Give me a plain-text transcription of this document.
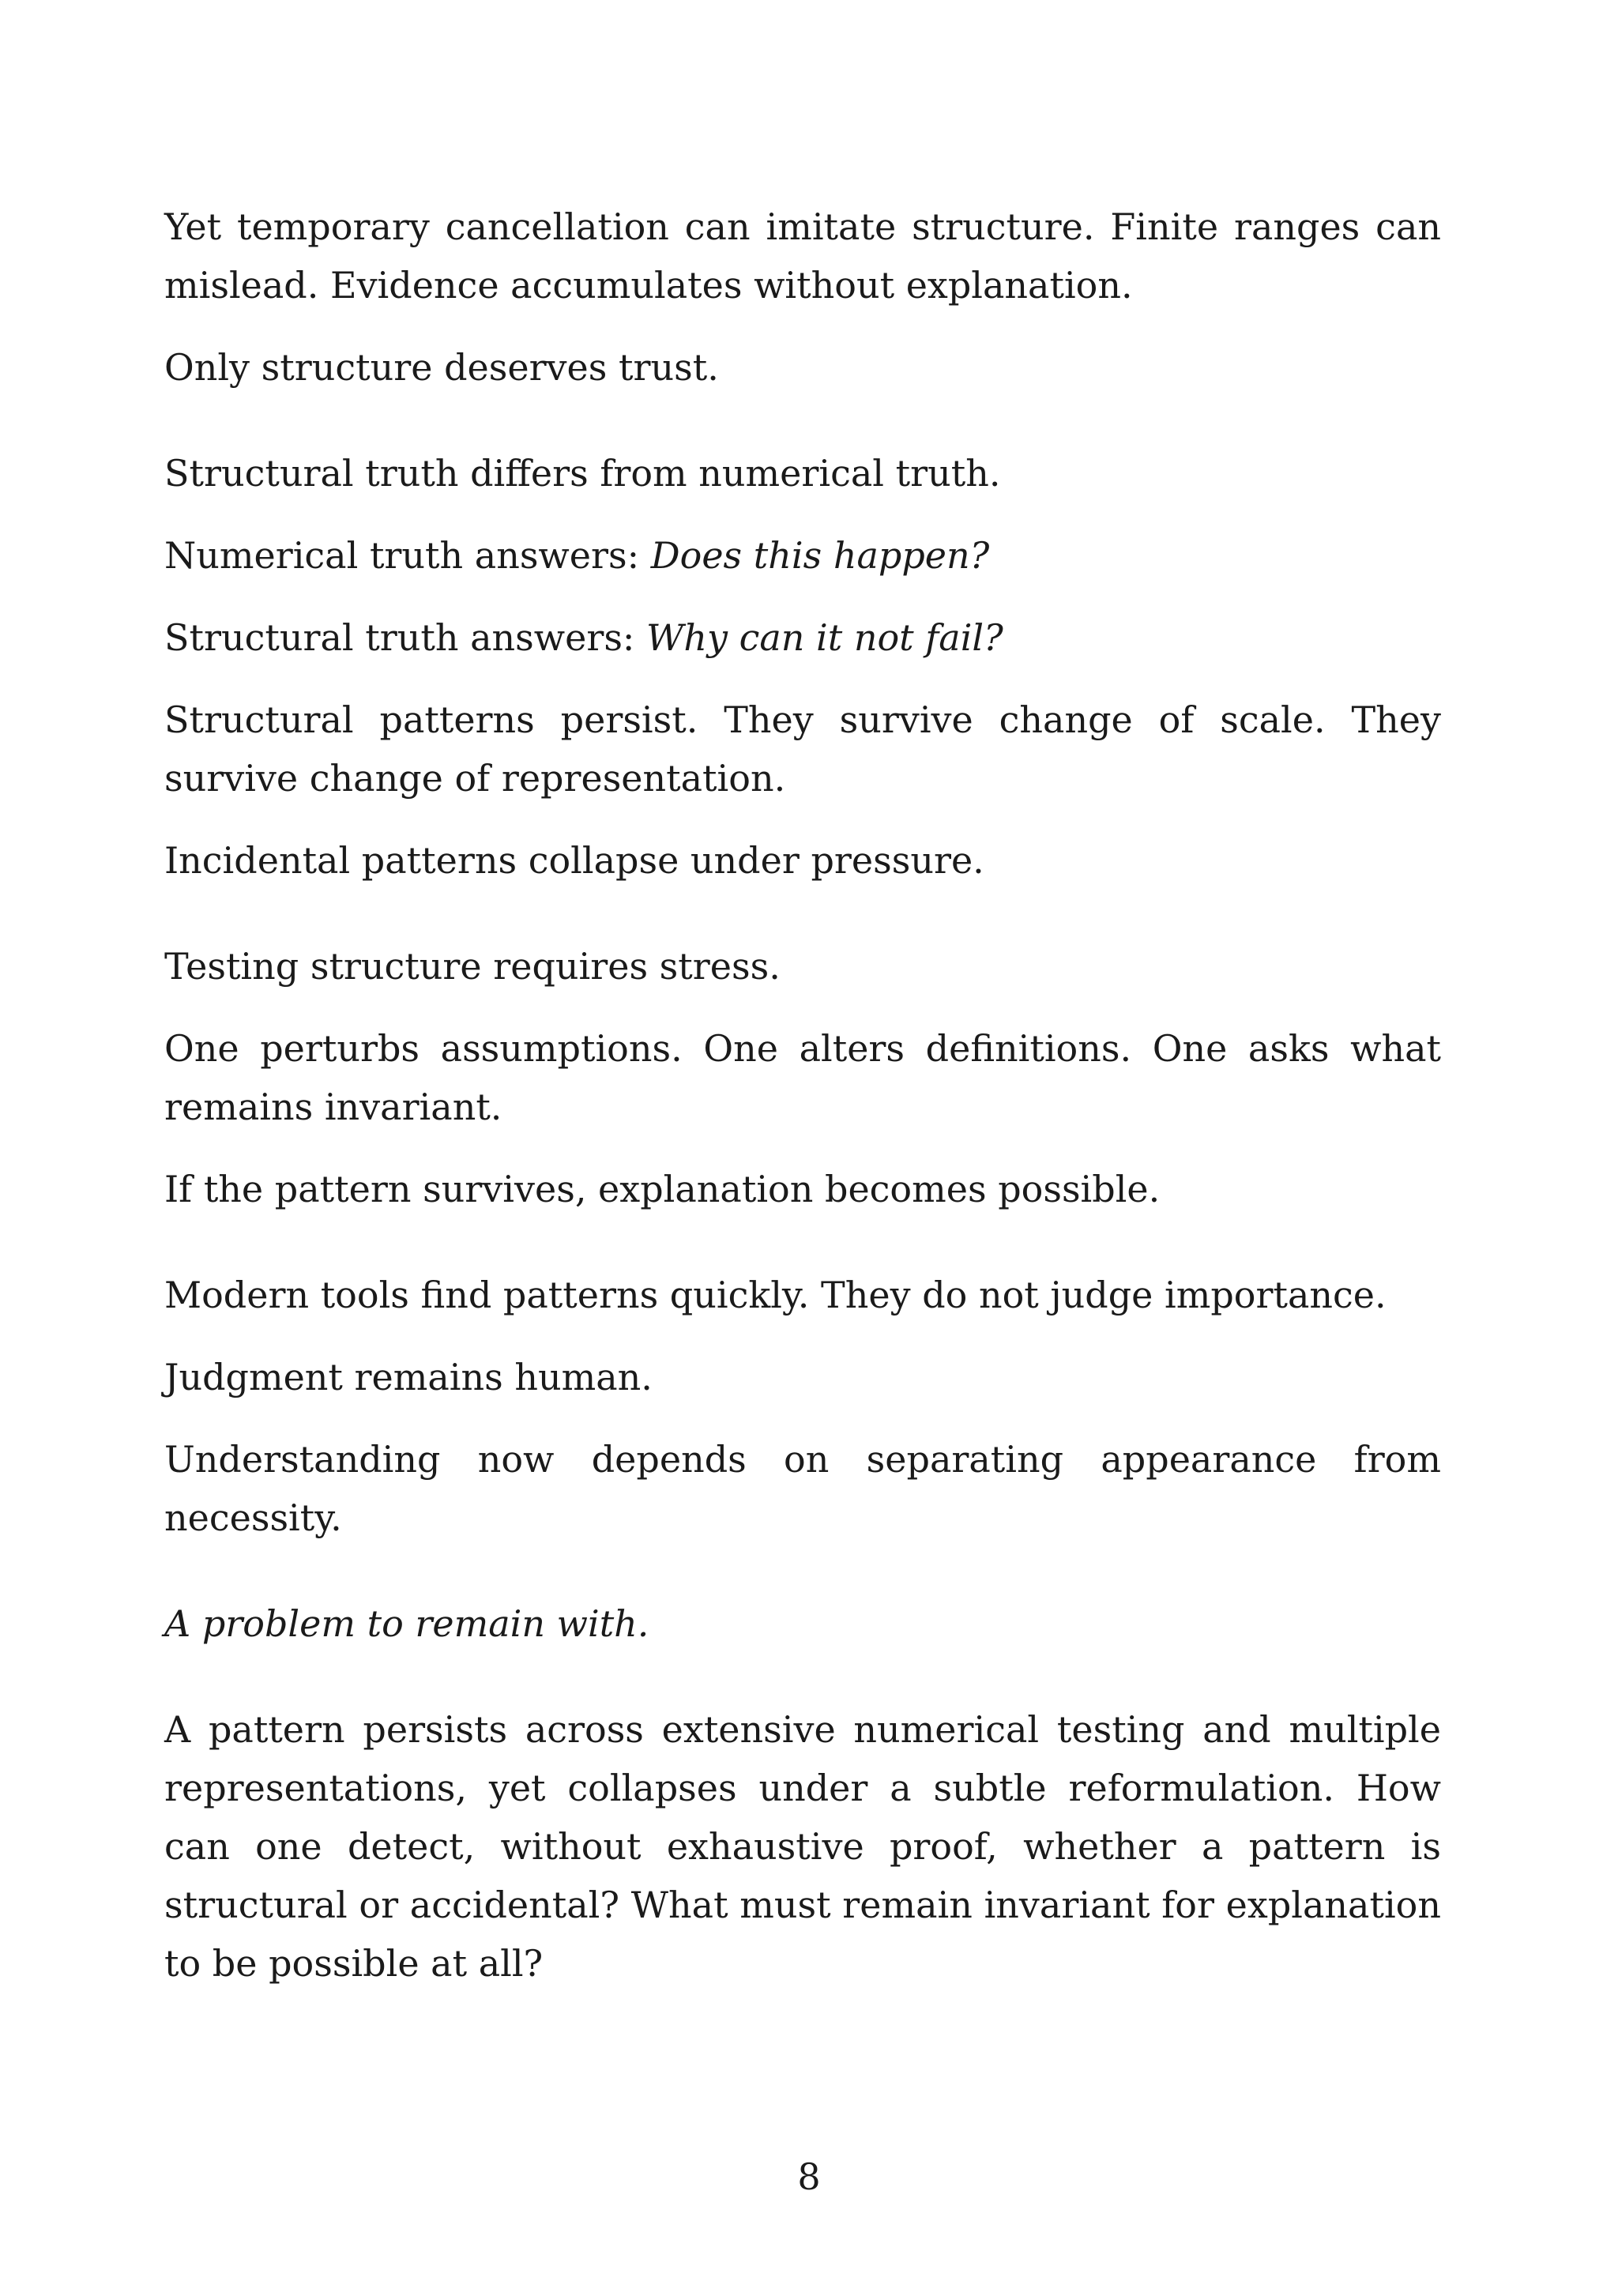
Yet temporary cancellation can imitate structure. Finite ranges can mislead. Evidence accumulates without explanation.

Only structure deserves trust.

Structural truth differs from numerical truth.

Numerical truth answers: Does this happen?

Structural truth answers: Why can it not fail?

Structural patterns persist. They survive change of scale. They survive change of representation.

Incidental patterns collapse under pressure.

Testing structure requires stress.

One perturbs assumptions. One alters definitions. One asks what remains invariant.

If the pattern survives, explanation becomes possible.

Modern tools find patterns quickly. They do not judge importance.

Judgment remains human.

Understanding now depends on separating appearance from necessity.

A problem to remain with.

A pattern persists across extensive numerical testing and multiple representations, yet collapses under a subtle reformulation. How can one detect, without exhaustive proof, whether a pattern is structural or accidental? What must remain invariant for explanation to be possible at all?

8
